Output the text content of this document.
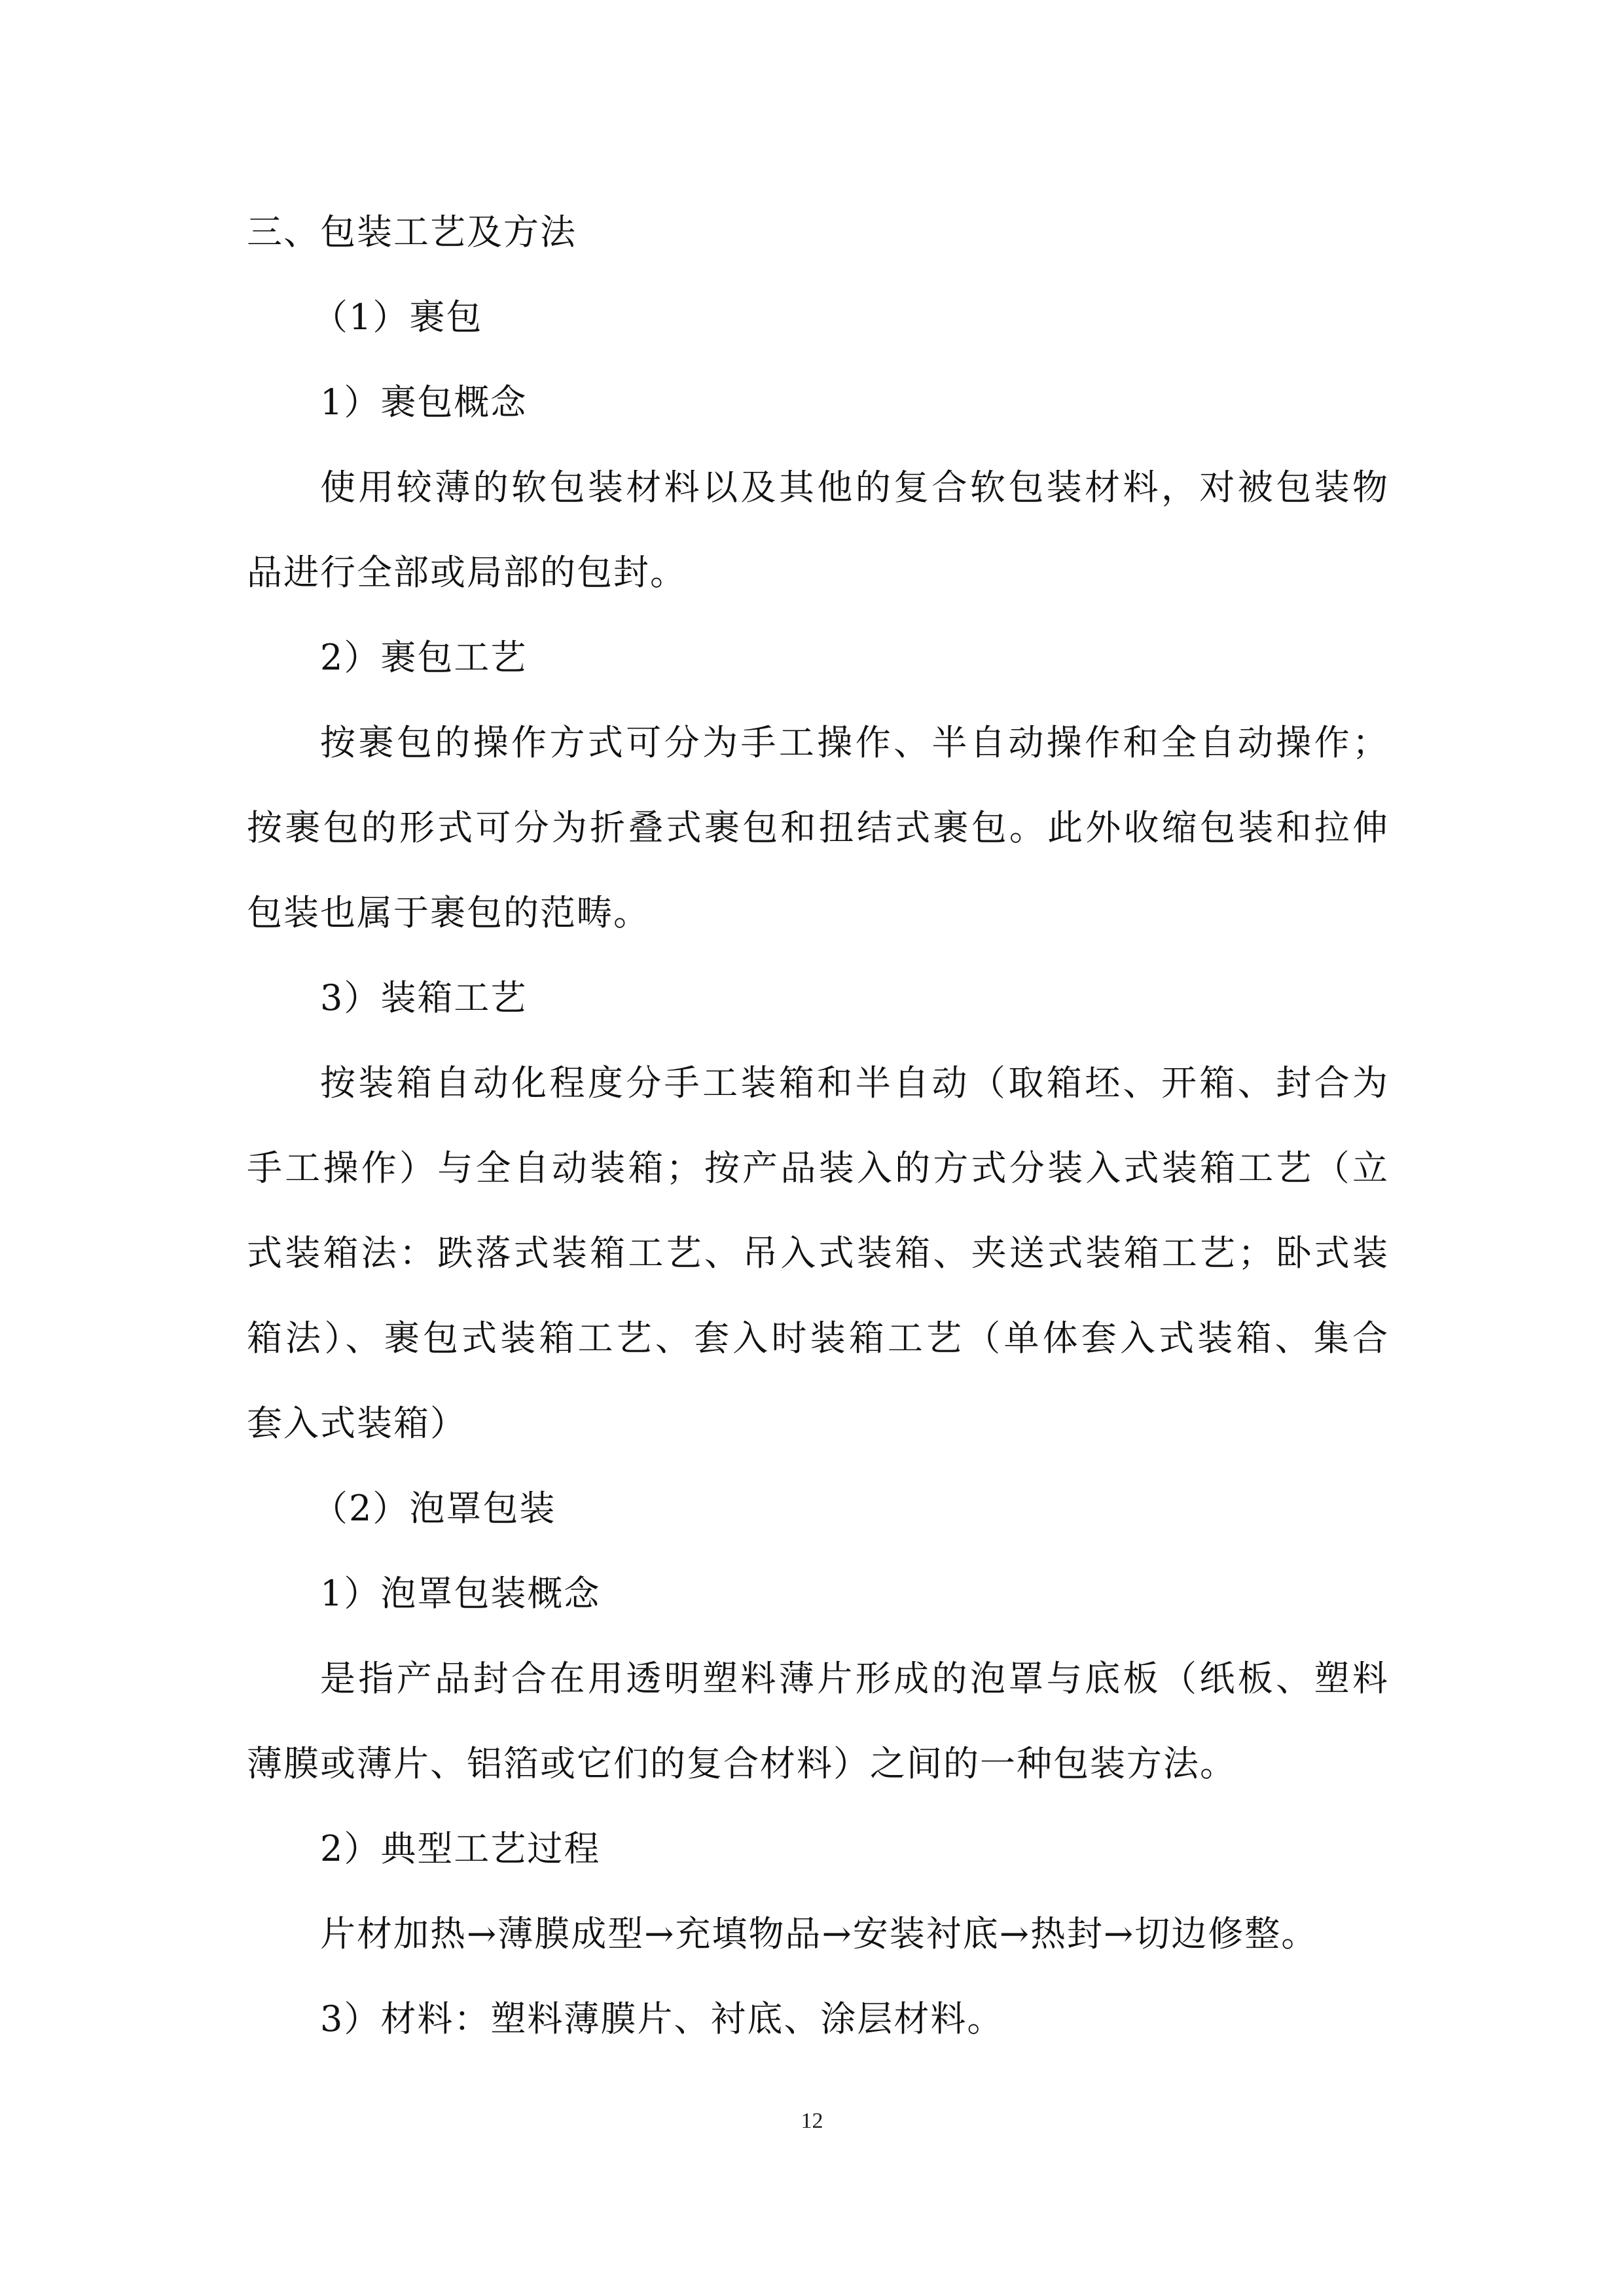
三、包装工艺及方法
（1）裹包
1）裹包概念
使用较薄的软包装材料以及其他的复合软包装材料，对被包装物
品进行全部或局部的包封。
2）裹包工艺
按裹包的操作方式可分为手工操作、半自动操作和全自动操作；
按裹包的形式可分为折叠式裹包和扭结式裹包。此外收缩包装和拉伸
包装也属于裹包的范畴。
3）装箱工艺
按装箱自动化程度分手工装箱和半自动（取箱坯、开箱、封合为
手工操作）与全自动装箱；按产品装入的方式分装入式装箱工艺（立
式装箱法：跌落式装箱工艺、吊入式装箱、夹送式装箱工艺；卧式装
箱法）、裹包式装箱工艺、套入时装箱工艺（单体套入式装箱、集合
套入式装箱）
（2）泡罩包装
1）泡罩包装概念
是指产品封合在用透明塑料薄片形成的泡罩与底板（纸板、塑料
薄膜或薄片、铝箔或它们的复合材料）之间的一种包装方法。
2）典型工艺过程
片材加热→薄膜成型→充填物品→安装衬底→热封→切边修整。
3）材料：塑料薄膜片、衬底、涂层材料。
12
